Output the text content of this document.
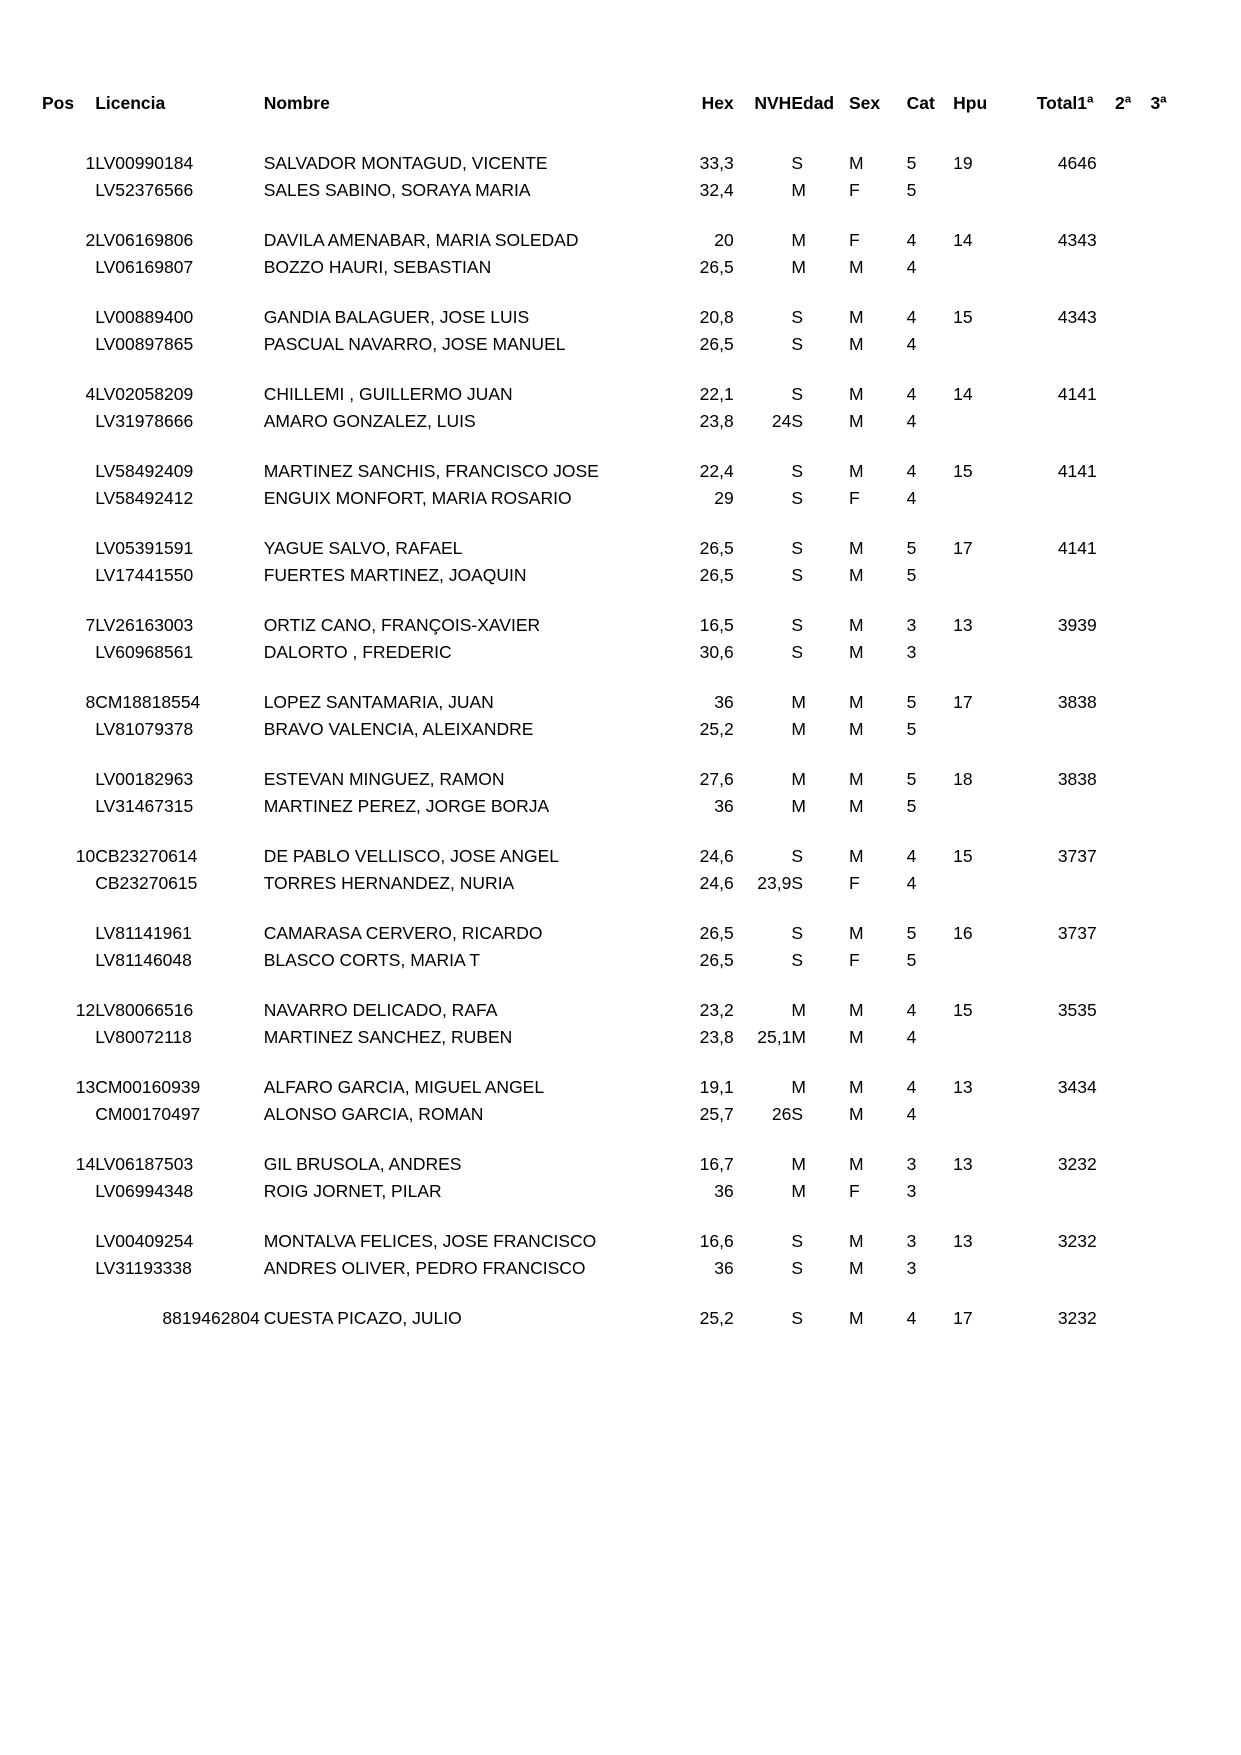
Pos	Licencia	Nombre	Hex	NVH	Edad	Sex	Cat	Hpu	Total	1ª	2ª	3ª
1	LV00990184	SALVADOR MONTAGUD, VICENTE	33,3		S	M	5	19	46	46		
	LV52376566	SALES SABINO, SORAYA MARIA	32,4		M	F	5					
2	LV06169806	DAVILA AMENABAR, MARIA SOLEDAD	20		M	F	4	14	43	43		
	LV06169807	BOZZO HAURI, SEBASTIAN	26,5		M	M	4					
	LV00889400	GANDIA BALAGUER, JOSE LUIS	20,8		S	M	4	15	43	43		
	LV00897865	PASCUAL NAVARRO, JOSE MANUEL	26,5		S	M	4					
4	LV02058209	CHILLEMI , GUILLERMO JUAN	22,1		S	M	4	14	41	41		
	LV31978666	AMARO GONZALEZ, LUIS	23,8	24	S	M	4					
	LV58492409	MARTINEZ SANCHIS, FRANCISCO JOSE	22,4		S	M	4	15	41	41		
	LV58492412	ENGUIX MONFORT, MARIA ROSARIO	29		S	F	4					
	LV05391591	YAGUE SALVO, RAFAEL	26,5		S	M	5	17	41	41		
	LV17441550	FUERTES MARTINEZ, JOAQUIN	26,5		S	M	5					
7	LV26163003	ORTIZ CANO, FRANÇOIS-XAVIER	16,5		S	M	3	13	39	39		
	LV60968561	DALORTO , FREDERIC	30,6		S	M	3					
8	CM18818554	LOPEZ SANTAMARIA, JUAN	36		M	M	5	17	38	38		
	LV81079378	BRAVO VALENCIA, ALEIXANDRE	25,2		M	M	5					
	LV00182963	ESTEVAN MINGUEZ, RAMON	27,6		M	M	5	18	38	38		
	LV31467315	MARTINEZ PEREZ, JORGE BORJA	36		M	M	5					
10	CB23270614	DE PABLO VELLISCO, JOSE ANGEL	24,6		S	M	4	15	37	37		
	CB23270615	TORRES HERNANDEZ, NURIA	24,6	23,9	S	F	4					
	LV81141961	CAMARASA CERVERO, RICARDO	26,5		S	M	5	16	37	37		
	LV81146048	BLASCO CORTS, MARIA T	26,5		S	F	5					
12	LV80066516	NAVARRO DELICADO, RAFA	23,2		M	M	4	15	35	35		
	LV80072118	MARTINEZ SANCHEZ, RUBEN	23,8	25,1	M	M	4					
13	CM00160939	ALFARO GARCIA, MIGUEL ANGEL	19,1		M	M	4	13	34	34		
	CM00170497	ALONSO GARCIA, ROMAN	25,7	26	S	M	4					
14	LV06187503	GIL BRUSOLA, ANDRES	16,7		M	M	3	13	32	32		
	LV06994348	ROIG JORNET, PILAR	36		M	F	3					
	LV00409254	MONTALVA FELICES, JOSE FRANCISCO	16,6		S	M	3	13	32	32		
	LV31193338	ANDRES OLIVER, PEDRO FRANCISCO	36		S	M	3					
	8819462804	CUESTA PICAZO, JULIO	25,2		S	M	4	17	32	32		
